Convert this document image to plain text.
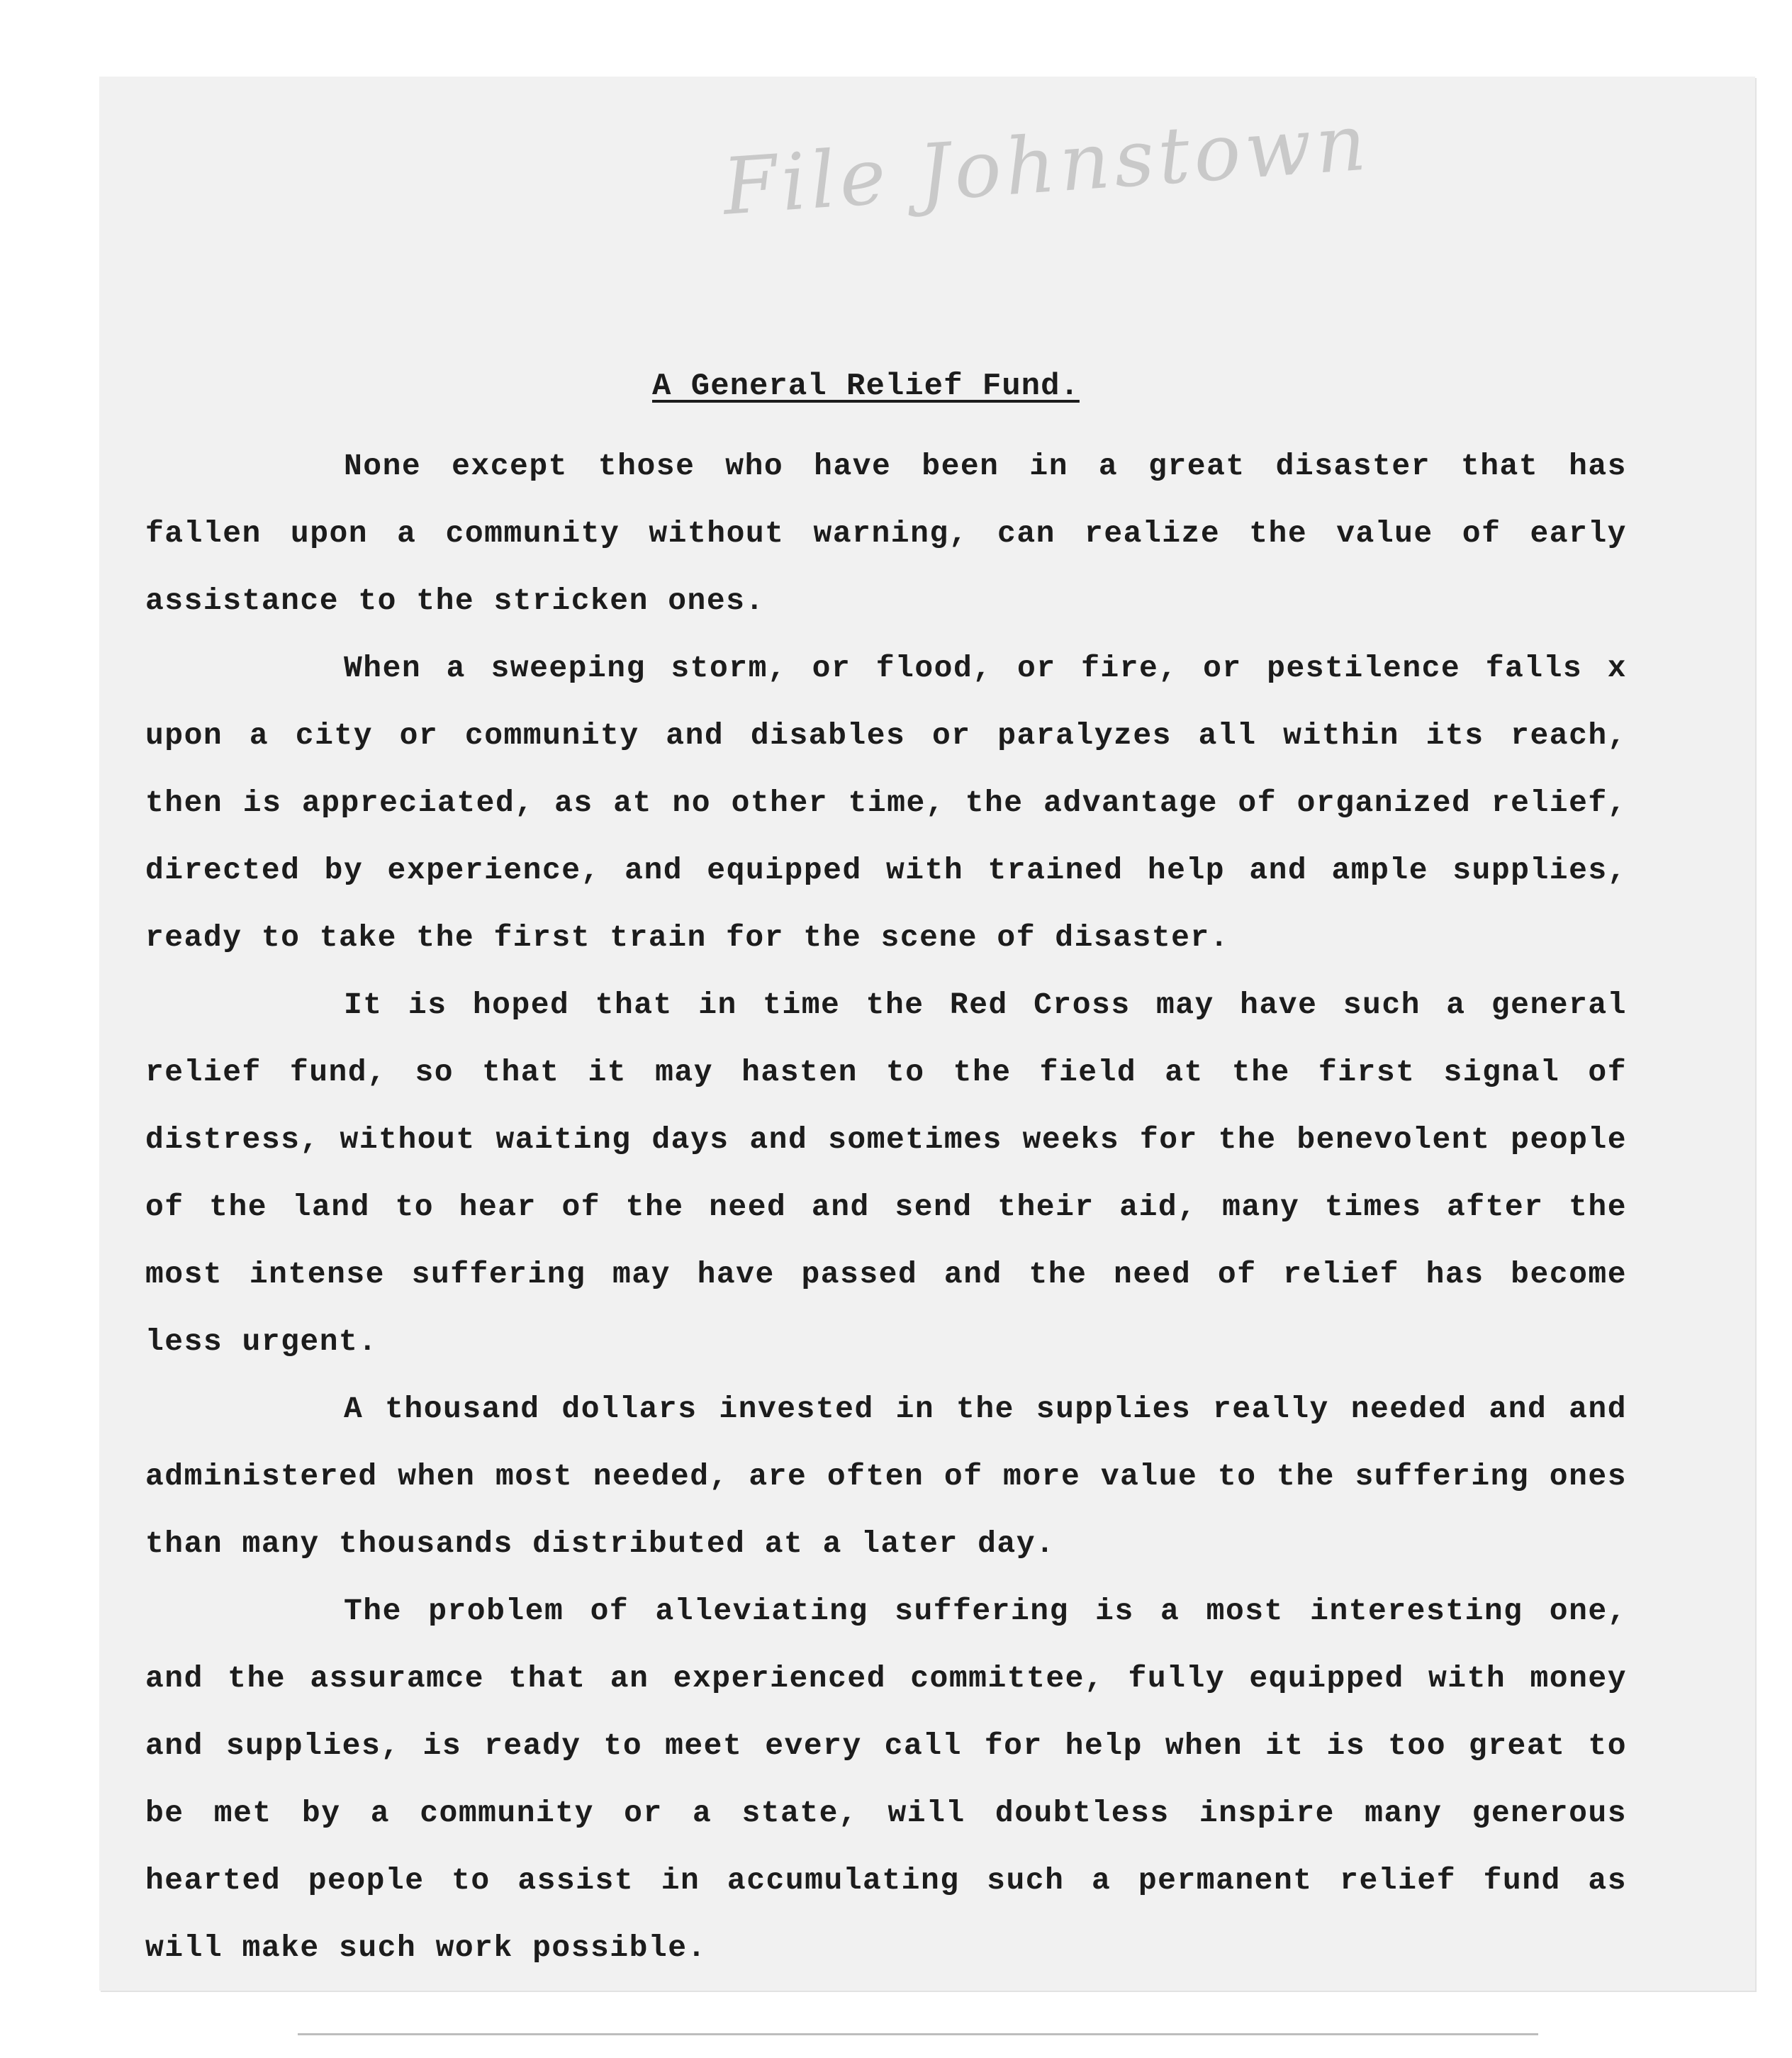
File Johnstown
A General Relief Fund.

None except those who have been in a great disaster that has fallen upon a community without warning, can realize the value of early assistance to the stricken ones.

When a sweeping storm, or flood, or fire, or pestilence falls x upon a city or community and disables or paralyzes all within its reach, then is appreciated, as at no other time, the advantage of organized relief, directed by experience, and equipped with trained help and ample supplies, ready to take the first train for the scene of disaster.

It is hoped that in time the Red Cross may have such a general relief fund, so that it may hasten to the field at the first signal of distress, without waiting days and sometimes weeks for the benevolent people of the land to hear of the need and send their aid, many times after the most intense suffering may have passed and the need of relief has become less urgent.

A thousand dollars invested in the supplies really needed and and administered when most needed, are often of more value to the suffering ones than many thousands distributed at a later day.

The problem of alleviating suffering is a most interesting one, and the assuramce that an experienced committee, fully equipped with money and supplies, is ready to meet every call for help when it is too great to be met by a community or a state, will doubtless inspire many generous hearted people to assist in accumulating such a permanent relief fund as will make such work possible.
